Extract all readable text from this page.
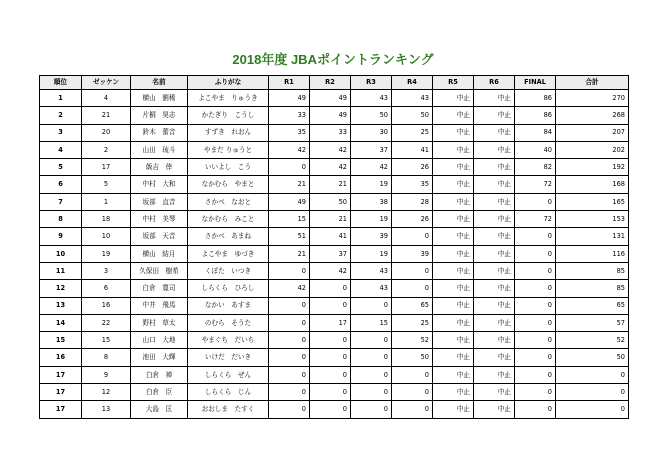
2018年度 JBAポイントランキング
順位	ゼッケン	名前	ふりがな	R1	R2	R3	R4	R5	R6	FINAL	合計
1	4	横山　劉稀	よこやま　りゅうき	49	49	43	43	中止	中止	86	270
2	21	片桐　昊志	かたぎり　こうし	33	49	50	50	中止	中止	86	268
3	20	鈴木　蕾音	すずき　れおん	35	33	30	25	中止	中止	84	207
4	2	山田　琉斗	やまだ りゅうと	42	42	37	41	中止	中止	40	202
5	17	飯吉　倖	いいよし　こう	0	42	42	26	中止	中止	82	192
6	5	中村　大和	なかむら　やまと	21	21	19	35	中止	中止	72	168
7	1	坂部　直音	さかべ　なおと	49	50	38	28	中止	中止	0	165
8	18	中村　美琴	なかむら　みこと	15	21	19	26	中止	中止	72	153
9	10	坂部　天音	さかべ　あまね	51	41	39	0	中止	中止	0	131
10	19	横山　結月	よこやま　ゆづき	21	37	19	39	中止	中止	0	116
11	3	久保田　樹希	くぼた　いつき	0	42	43	0	中止	中止	0	85
12	6	白倉　寛司	しらくら　ひろし	42	0	43	0	中止	中止	0	85
13	16	中井　飛馬	なかい　あすま	0	0	0	65	中止	中止	0	65
14	22	野村　草太	のむら　そうた	0	17	15	25	中止	中止	0	57
15	15	山口　大地	やまぐち　だいち	0	0	0	52	中止	中止	0	52
16	8	池田　大輝	いけだ　だいき	0	0	0	50	中止	中止	0	50
17	9	白倉　禅	しらくら　ぜん	0	0	0	0	中止	中止	0	0
17	12	白倉　臣	しらくら　じん	0	0	0	0	中止	中止	0	0
17	13	大島　匡	おおしま　たすく	0	0	0	0	中止	中止	0	0
